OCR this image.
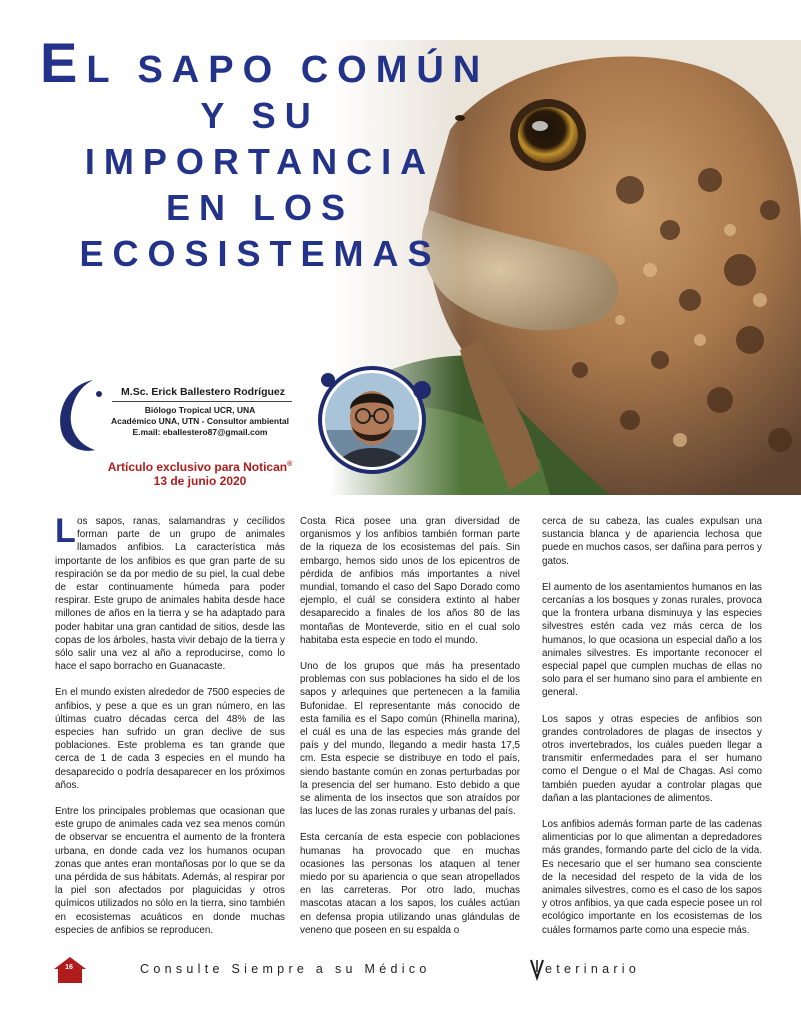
EL SAPO COMÚN
Y SU
IMPORTANCIA
EN LOS
ECOSISTEMAS
M.Sc. Erick Ballestero Rodríguez
Biólogo Tropical UCR, UNA
Académico UNA, UTN - Consultor ambiental
E.mail: eballestero87@gmail.com
Artículo exclusivo para Notican®
13 de junio 2020

L os sapos, ranas, salamandras y cecílidos forman parte de un grupo de animales llamados anfibios. La característica más importante de los anfibios es que gran parte de su respiración se da por medio de su piel, la cual debe de estar continuamente húmeda para poder respirar. Este grupo de animales habita desde hace millones de años en la tierra y se ha adaptado para poder habitar una gran cantidad de sitios, desde las copas de los árboles, hasta vivir debajo de la tierra y sólo salir una vez al año a reproducirse, como lo hace el sapo borracho en Guanacaste.

En el mundo existen alrededor de 7500 especies de anfibios, y pese a que es un gran número, en las últimas cuatro décadas cerca del 48% de las especies han sufrido un gran declive de sus poblaciones. Este problema es tan grande que cerca de 1 de cada 3 especies en el mundo ha desaparecido o podría desaparecer en los próximos años.

Entre los principales problemas que ocasionan que este grupo de animales cada vez sea menos común de observar se encuentra el aumento de la frontera urbana, en donde cada vez los humanos ocupan zonas que antes eran montañosas por lo que se da una pérdida de sus hábitats. Además, al respirar por la piel son afectados por plaguicidas y otros químicos utilizados no sólo en la tierra, sino también en ecosistemas acuáticos en donde muchas especies de anfibios se reproducen.

Costa Rica posee una gran diversidad de organismos y los anfibios también forman parte de la riqueza de los ecosistemas del país. Sin embargo, hemos sido unos de los epicentros de pérdida de anfibios más importantes a nivel mundial, tomando el caso del Sapo Dorado como ejemplo, el cuál se considera extinto al haber desaparecido a finales de los años 80 de las montañas de Monteverde, sitio en el cual solo habitaba esta especie en todo el mundo.

Uno de los grupos que más ha presentado problemas con sus poblaciones ha sido el de los sapos y arlequines que pertenecen a la familia Bufonidae. El representante más conocido de esta familia es el Sapo común (Rhinella marina), el cuál es una de las especies más grande del país y del mundo, llegando a medir hasta 17,5 cm. Esta especie se distribuye en todo el país, siendo bastante común en zonas perturbadas por la presencia del ser humano. Esto debido a que se alimenta de los insectos que son atraídos por las luces de las zonas rurales y urbanas del país.

Esta cercanía de esta especie con poblaciones humanas ha provocado que en muchas ocasiones las personas los ataquen al tener miedo por su apariencia o que sean atropellados en las carreteras. Por otro lado, muchas mascotas atacan a los sapos, los cuáles actúan en defensa propia utilizando unas glándulas de veneno que poseen en su espalda o

cerca de su cabeza, las cuales expulsan una sustancia blanca y de apariencia lechosa que puede en muchos casos, ser dañina para perros y gatos.

El aumento de los asentamientos humanos en las cercanías a los bosques y zonas rurales, provoca que la frontera urbana disminuya y las especies silvestres estén cada vez más cerca de los humanos, lo que ocasiona un especial daño a los animales silvestres. Es importante reconocer el especial papel que cumplen muchas de ellas no solo para el ser humano sino para el ambiente en general.

Los sapos y otras especies de anfibios son grandes controladores de plagas de insectos y otros invertebrados, los cuáles pueden llegar a transmitir enfermedades para el ser humano como el Dengue o el Mal de Chagas. Así como también pueden ayudar a controlar plagas que dañan a las plantaciones de alimentos.

Los anfibios además forman parte de las cadenas alimenticias por lo que alimentan a depredadores más grandes, formando parte del ciclo de la vida. Es necesario que el ser humano sea consciente de la necesidad del respeto de la vida de los animales silvestres, como es el caso de los sapos y otros anfibios, ya que cada especie posee un rol ecológico importante en los ecosistemas de los cuáles formamos parte como una especie más.

16	Consulte Siempre a su Médico	eterinario
